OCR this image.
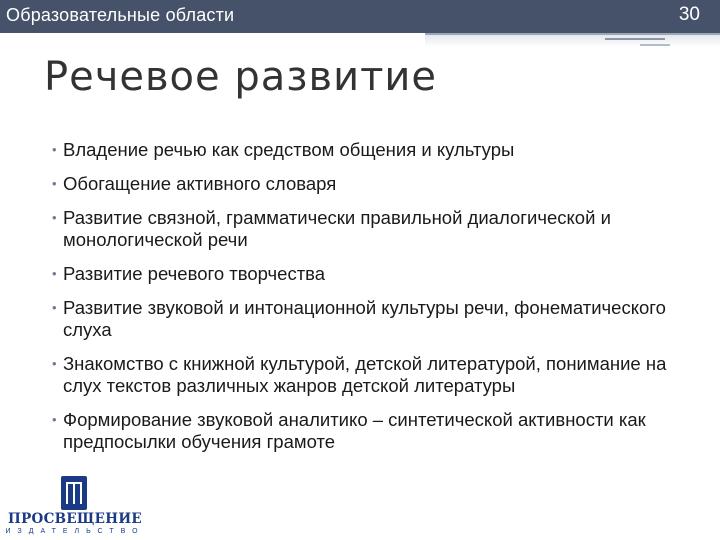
Образовательные области	30
Речевое развитие
• Владение речью как средством общения и культуры
• Обогащение активного словаря
• Развитие связной, грамматически правильной диалогической и монологической речи
• Развитие речевого творчества
• Развитие звуковой и интонационной культуры речи, фонематического слуха
• Знакомство с книжной культурой, детской литературой, понимание на слух текстов различных жанров детской литературы
• Формирование звуковой аналитико – синтетической активности как предпосылки обучения грамоте
ПРОСВЕЩЕНИЕ
ИЗДАТЕЛЬСТВО
